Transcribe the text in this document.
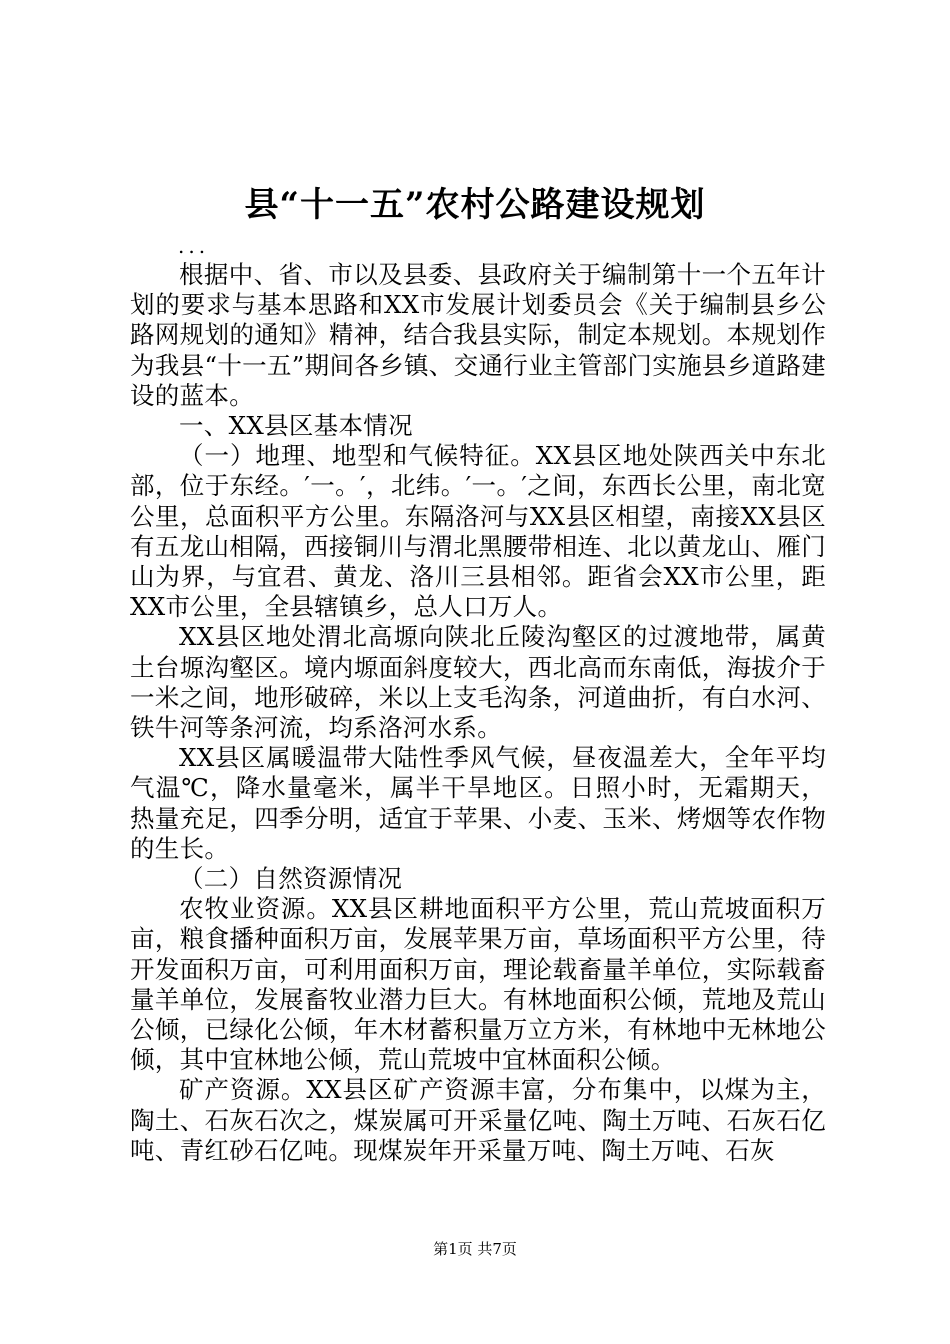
县“十一五”农村公路建设规划
...

根据中、省、市以及县委、县政府关于编制第十一个五年计划的要求与基本思路和XX市发展计划委员会《关于编制县乡公路网规划的通知》精神，结合我县实际，制定本规划。本规划作为我县“十一五”期间各乡镇、交通行业主管部门实施县乡道路建设的蓝本。

一、XX县区基本情况

（一）地理、地型和气候特征。XX县区地处陕西关中东北部，位于东经。′一。′，北纬。′一。′之间，东西长公里，南北宽公里，总面积平方公里。东隔洛河与XX县区相望，南接XX县区有五龙山相隔，西接铜川与渭北黑腰带相连、北以黄龙山、雁门山为界，与宜君、黄龙、洛川三县相邻。距省会XX市公里，距XX市公里，全县辖镇乡，总人口万人。

XX县区地处渭北高塬向陕北丘陵沟壑区的过渡地带，属黄土台塬沟壑区。境内塬面斜度较大，西北高而东南低，海拔介于一米之间，地形破碎，米以上支毛沟条，河道曲折，有白水河、铁牛河等条河流，均系洛河水系。

XX县区属暖温带大陆性季风气候，昼夜温差大，全年平均气温℃，降水量毫米，属半干旱地区。日照小时，无霜期天，热量充足，四季分明，适宜于苹果、小麦、玉米、烤烟等农作物的生长。

（二）自然资源情况

农牧业资源。XX县区耕地面积平方公里，荒山荒坡面积万亩，粮食播种面积万亩，发展苹果万亩，草场面积平方公里，待开发面积万亩，可利用面积万亩，理论载畜量羊单位，实际载畜量羊单位，发展畜牧业潜力巨大。有林地面积公倾，荒地及荒山公倾，已绿化公倾，年木材蓄积量万立方米，有林地中无林地公倾，其中宜林地公倾，荒山荒坡中宜林面积公倾。

矿产资源。XX县区矿产资源丰富，分布集中，以煤为主，陶土、石灰石次之，煤炭属可开采量亿吨、陶土万吨、石灰石亿吨、青红砂石亿吨。现煤炭年开采量万吨、陶土万吨、石灰

第1页 共7页
